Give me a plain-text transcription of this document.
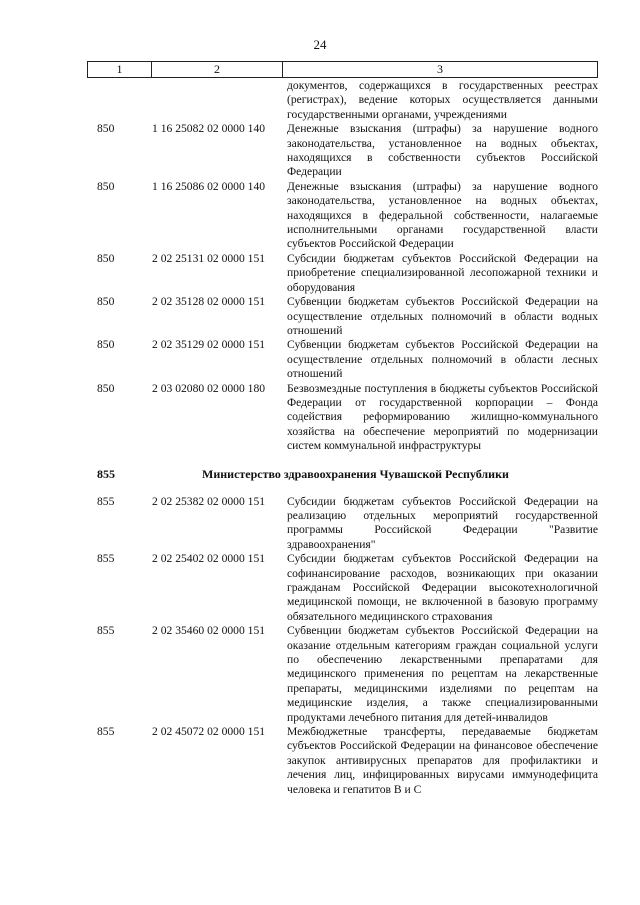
24
1	2	3
документов, содержащихся в государственных реестрах (регистрах), ведение которых осуществляется данными государственными органами, учреждениями
850	1 16 25082 02 0000 140	Денежные взыскания (штрафы) за нарушение водного законодательства, установленное на водных объектах, находящихся в собственности субъектов Российской Федерации
850	1 16 25086 02 0000 140	Денежные взыскания (штрафы) за нарушение водного законодательства, установленное на водных объектах, находящихся в федеральной собственности, налагаемые исполнительными органами государственной власти субъектов Российской Федерации
850	2 02 25131 02 0000 151	Субсидии бюджетам субъектов Российской Федерации на приобретение специализированной лесопожарной техники и оборудования
850	2 02 35128 02 0000 151	Субвенции бюджетам субъектов Российской Федерации на осуществление отдельных полномочий в области водных отношений
850	2 02 35129 02 0000 151	Субвенции бюджетам субъектов Российской Федерации на осуществление отдельных полномочий в области лесных отношений
850	2 03 02080 02 0000 180	Безвозмездные поступления в бюджеты субъектов Российской Федерации от государственной корпорации – Фонда содействия реформированию жилищно-коммунального хозяйства на обеспечение мероприятий по модернизации систем коммунальной инфраструктуры
855	Министерство здравоохранения Чувашской Республики
855	2 02 25382 02 0000 151	Субсидии бюджетам субъектов Российской Федерации на реализацию отдельных мероприятий государственной программы Российской Федерации "Развитие здравоохранения"
855	2 02 25402 02 0000 151	Субсидии бюджетам субъектов Российской Федерации на софинансирование расходов, возникающих при оказании гражданам Российской Федерации высокотехнологичной медицинской помощи, не включенной в базовую программу обязательного медицинского страхования
855	2 02 35460 02 0000 151	Субвенции бюджетам субъектов Российской Федерации на оказание отдельным категориям граждан социальной услуги по обеспечению лекарственными препаратами для медицинского применения по рецептам на лекарственные препараты, медицинскими изделиями по рецептам на медицинские изделия, а также специализированными продуктами лечебного питания для детей-инвалидов
855	2 02 45072 02 0000 151	Межбюджетные трансферты, передаваемые бюджетам субъектов Российской Федерации на финансовое обеспечение закупок антивирусных препаратов для профилактики и лечения лиц, инфицированных вирусами иммунодефицита человека и гепатитов В и С
